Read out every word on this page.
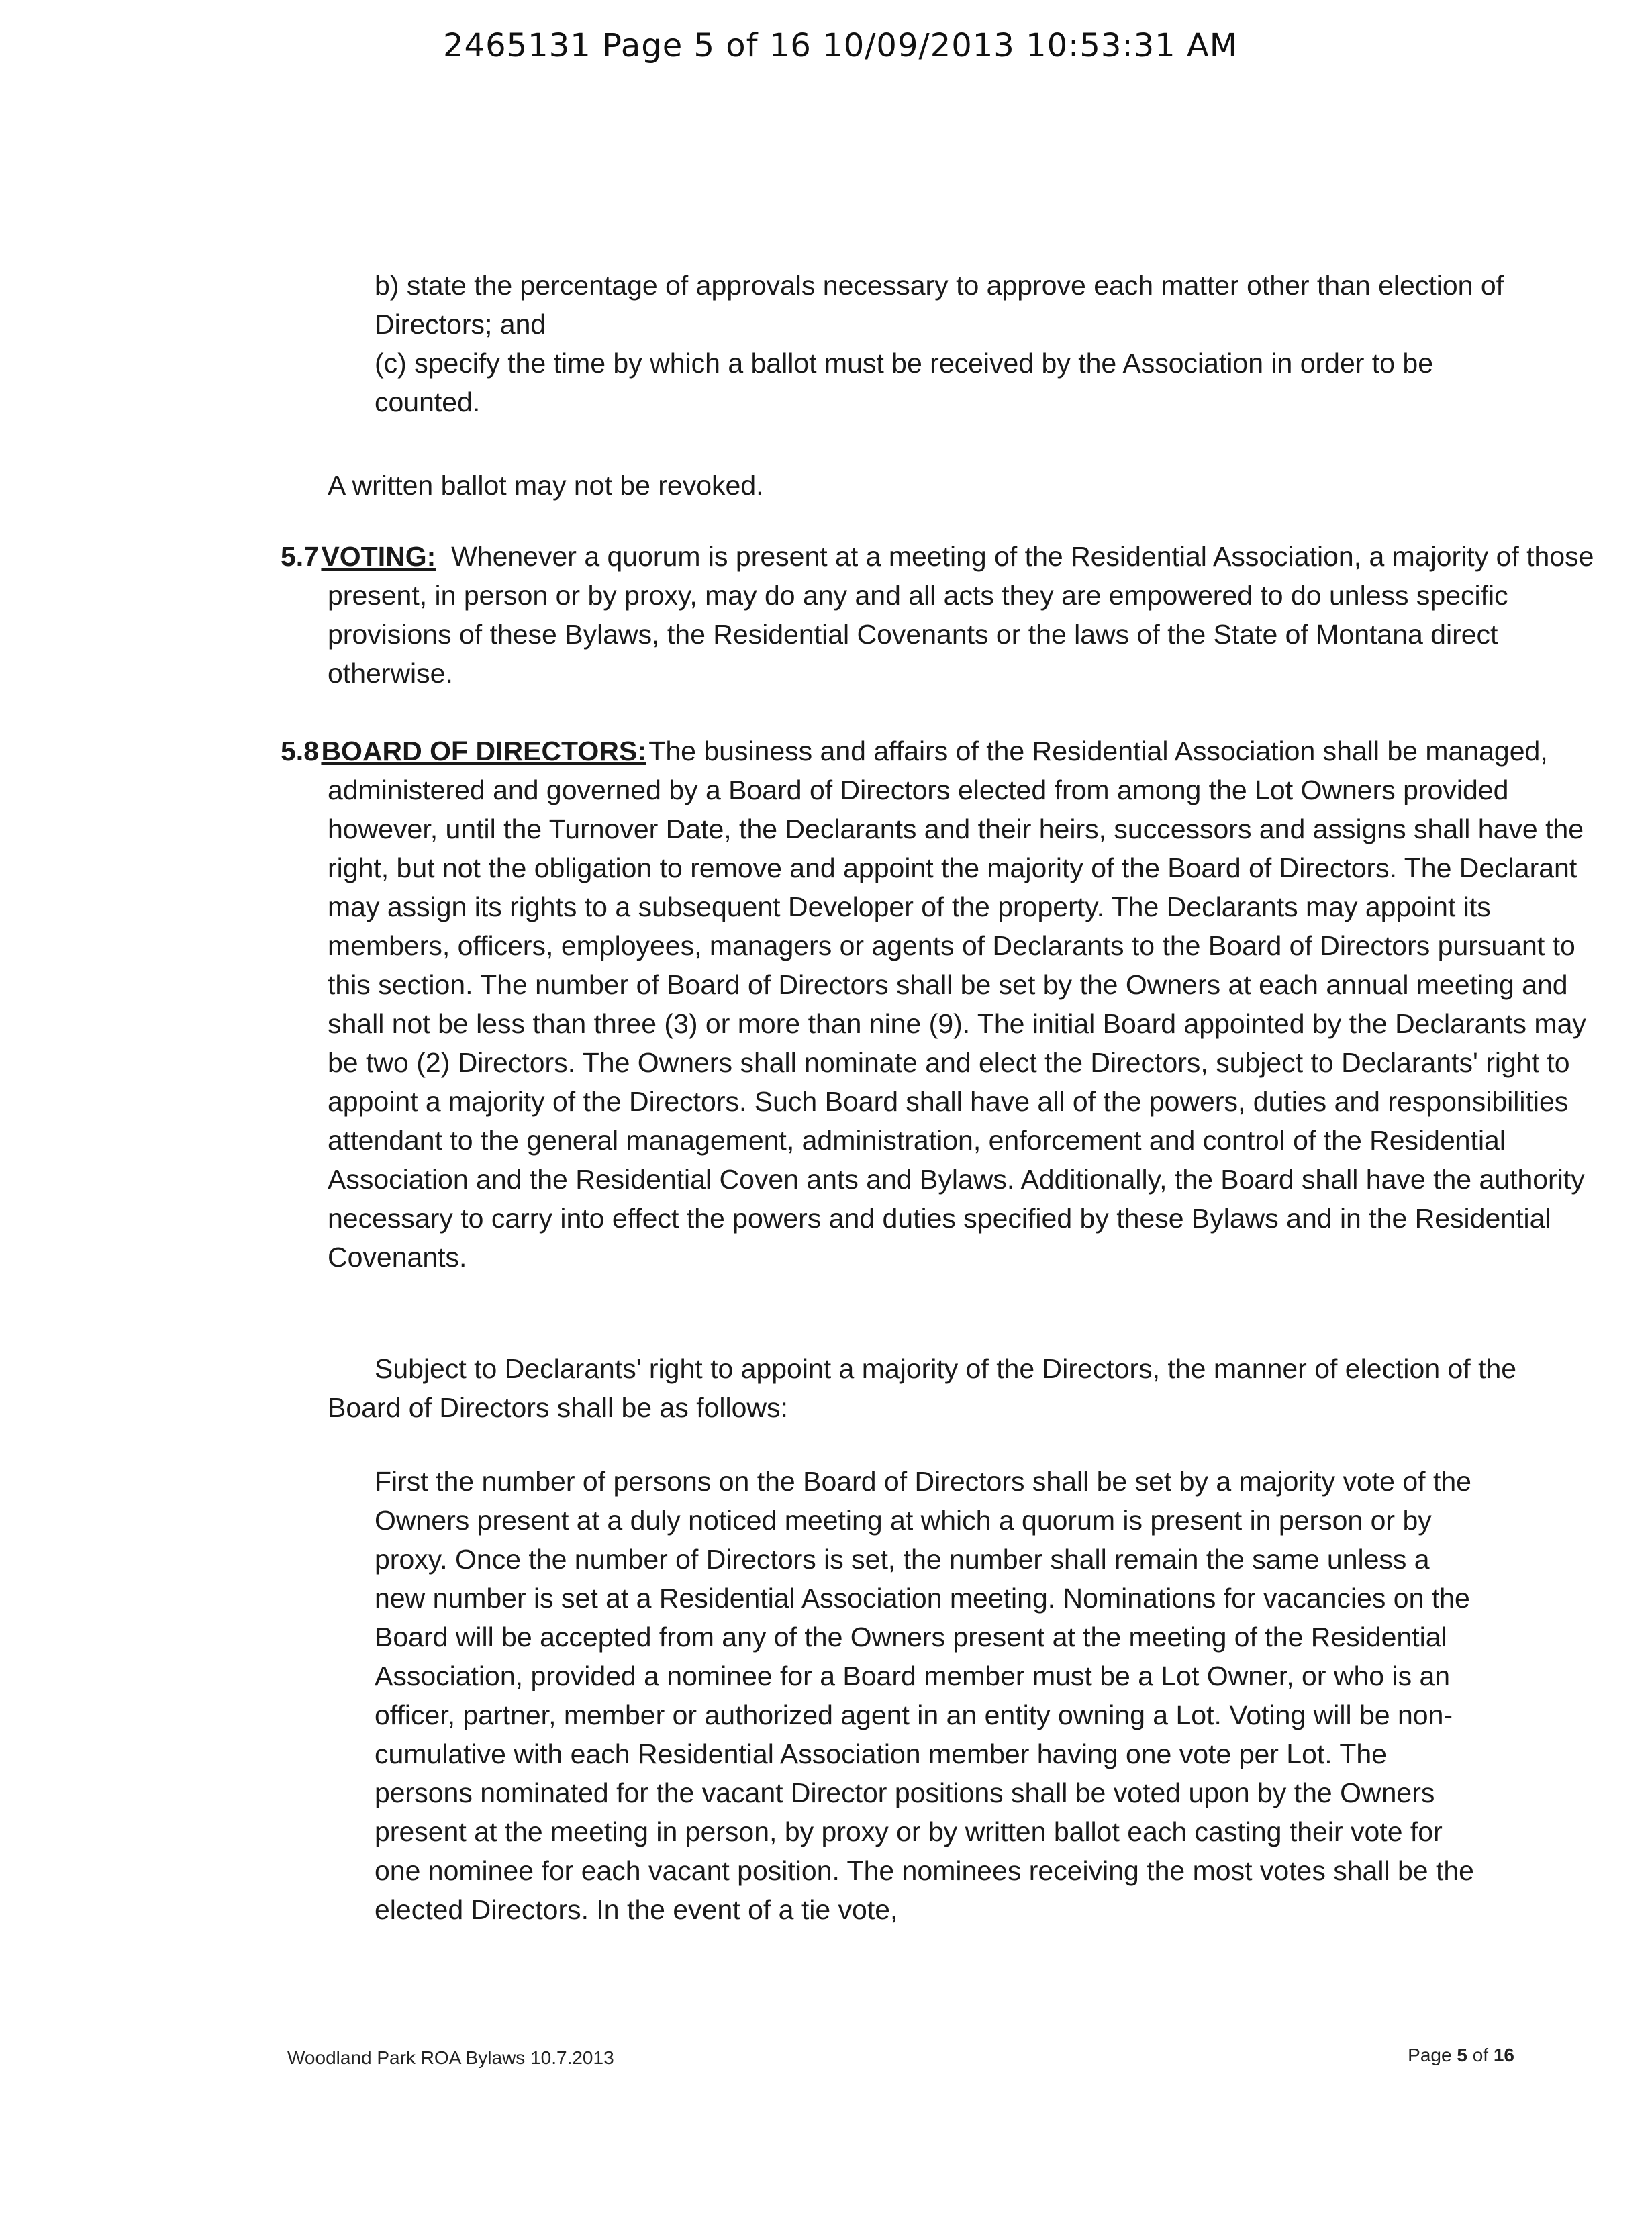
2465131 Page 5 of 16 10/09/2013 10:53:31 AM

b) state the percentage of approvals necessary to approve each matter other than election of Directors; and

(c) specify the time by which a ballot must be received by the Association in order to be counted.

A written ballot may not be revoked.

5.7 VOTING: Whenever a quorum is present at a meeting of the Residential Association, a majority of those present, in person or by proxy, may do any and all acts they are empowered to do unless specific provisions of these Bylaws, the Residential Covenants or the laws of the State of Montana direct otherwise.

5.8 BOARD OF DIRECTORS: The business and affairs of the Residential Association shall be managed, administered and governed by a Board of Directors elected from among the Lot Owners provided however, until the Turnover Date, the Declarants and their heirs, successors and assigns shall have the right, but not the obligation to remove and appoint the majority of the Board of Directors. The Declarant may assign its rights to a subsequent Developer of the property. The Declarants may appoint its members, officers, employees, managers or agents of Declarants to the Board of Directors pursuant to this section. The number of Board of Directors shall be set by the Owners at each annual meeting and shall not be less than three (3) or more than nine (9). The initial Board appointed by the Declarants may be two (2) Directors. The Owners shall nominate and elect the Directors, subject to Declarants' right to appoint a majority of the Directors. Such Board shall have all of the powers, duties and responsibilities attendant to the general management, administration, enforcement and control of the Residential Association and the Residential Coven ants and Bylaws. Additionally, the Board shall have the authority necessary to carry into effect the powers and duties specified by these Bylaws and in the Residential Covenants.

Subject to Declarants' right to appoint a majority of the Directors, the manner of election of the Board of Directors shall be as follows:

First the number of persons on the Board of Directors shall be set by a majority vote of the Owners present at a duly noticed meeting at which a quorum is present in person or by proxy. Once the number of Directors is set, the number shall remain the same unless a new number is set at a Residential Association meeting. Nominations for vacancies on the Board will be accepted from any of the Owners present at the meeting of the Residential Association, provided a nominee for a Board member must be a Lot Owner, or who is an officer, partner, member or authorized agent in an entity owning a Lot. Voting will be non-cumulative with each Residential Association member having one vote per Lot. The persons nominated for the vacant Director positions shall be voted upon by the Owners present at the meeting in person, by proxy or by written ballot each casting their vote for one nominee for each vacant position. The nominees receiving the most votes shall be the elected Directors. In the event of a tie vote,

Woodland Park ROA Bylaws 10.7.2013	Page 5 of 16
